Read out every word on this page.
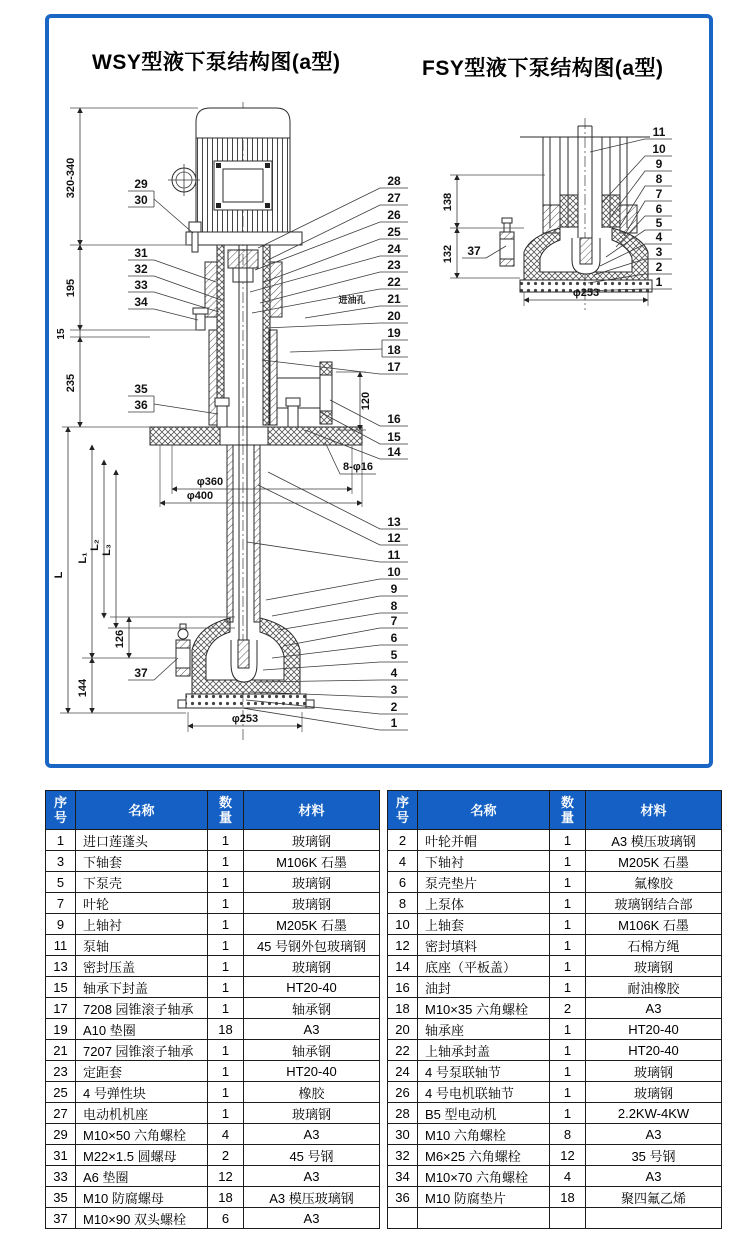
WSY型液下泵结构图(a型)	FSY型液下泵结构图(a型)
320-340
195
15
235
L
L₁
144
L₂ L₃
126
φ360
φ400
φ253
120
8-φ16
29
30
31
32
33
34
35
36
37
28
27
26
25
24
23
22
21
进油孔
20
19
18
17
16
15
14
13
12
11
10
9
8
7
6
5
4
3
2
1
138
132
φ253
11
10
9
8
7
6
5
4
3
2
1
37
序号	名称	数量	材料
1	进口莲蓬头	1	玻璃钢
3	下轴套	1	M106K 石墨
5	下泵壳	1	玻璃钢
7	叶轮	1	玻璃钢
9	上轴衬	1	M205K 石墨
11	泵轴	1	45 号钢外包玻璃钢
13	密封压盖	1	玻璃钢
15	轴承下封盖	1	HT20-40
17	7208 园锥滚子轴承	1	轴承钢
19	A10 垫圈	18	A3
21	7207 园锥滚子轴承	1	轴承钢
23	定距套	1	HT20-40
25	4 号弹性块	1	橡胶
27	电动机机座	1	玻璃钢
29	M10×50 六角螺栓	4	A3
31	M22×1.5 圆螺母	2	45 号钢
33	A6 垫圈	12	A3
35	M10 防腐螺母	18	A3 模压玻璃钢
37	M10×90 双头螺栓	6	A3
序号	名称	数量	材料
2	叶轮并帽	1	A3 模压玻璃钢
4	下轴衬	1	M205K 石墨
6	泵壳垫片	1	氟橡胶
8	上泵体	1	玻璃钢结合部
10	上轴套	1	M106K 石墨
12	密封填料	1	石棉方绳
14	底座（平板盖）	1	玻璃钢
16	油封	1	耐油橡胶
18	M10×35 六角螺栓	2	A3
20	轴承座	1	HT20-40
22	上轴承封盖	1	HT20-40
24	4 号泵联轴节	1	玻璃钢
26	4 号电机联轴节	1	玻璃钢
28	B5 型电动机	1	2.2KW-4KW
30	M10 六角螺栓	8	A3
32	M6×25 六角螺栓	12	35 号钢
34	M10×70 六角螺栓	4	A3
36	M10 防腐垫片	18	聚四氟乙烯
